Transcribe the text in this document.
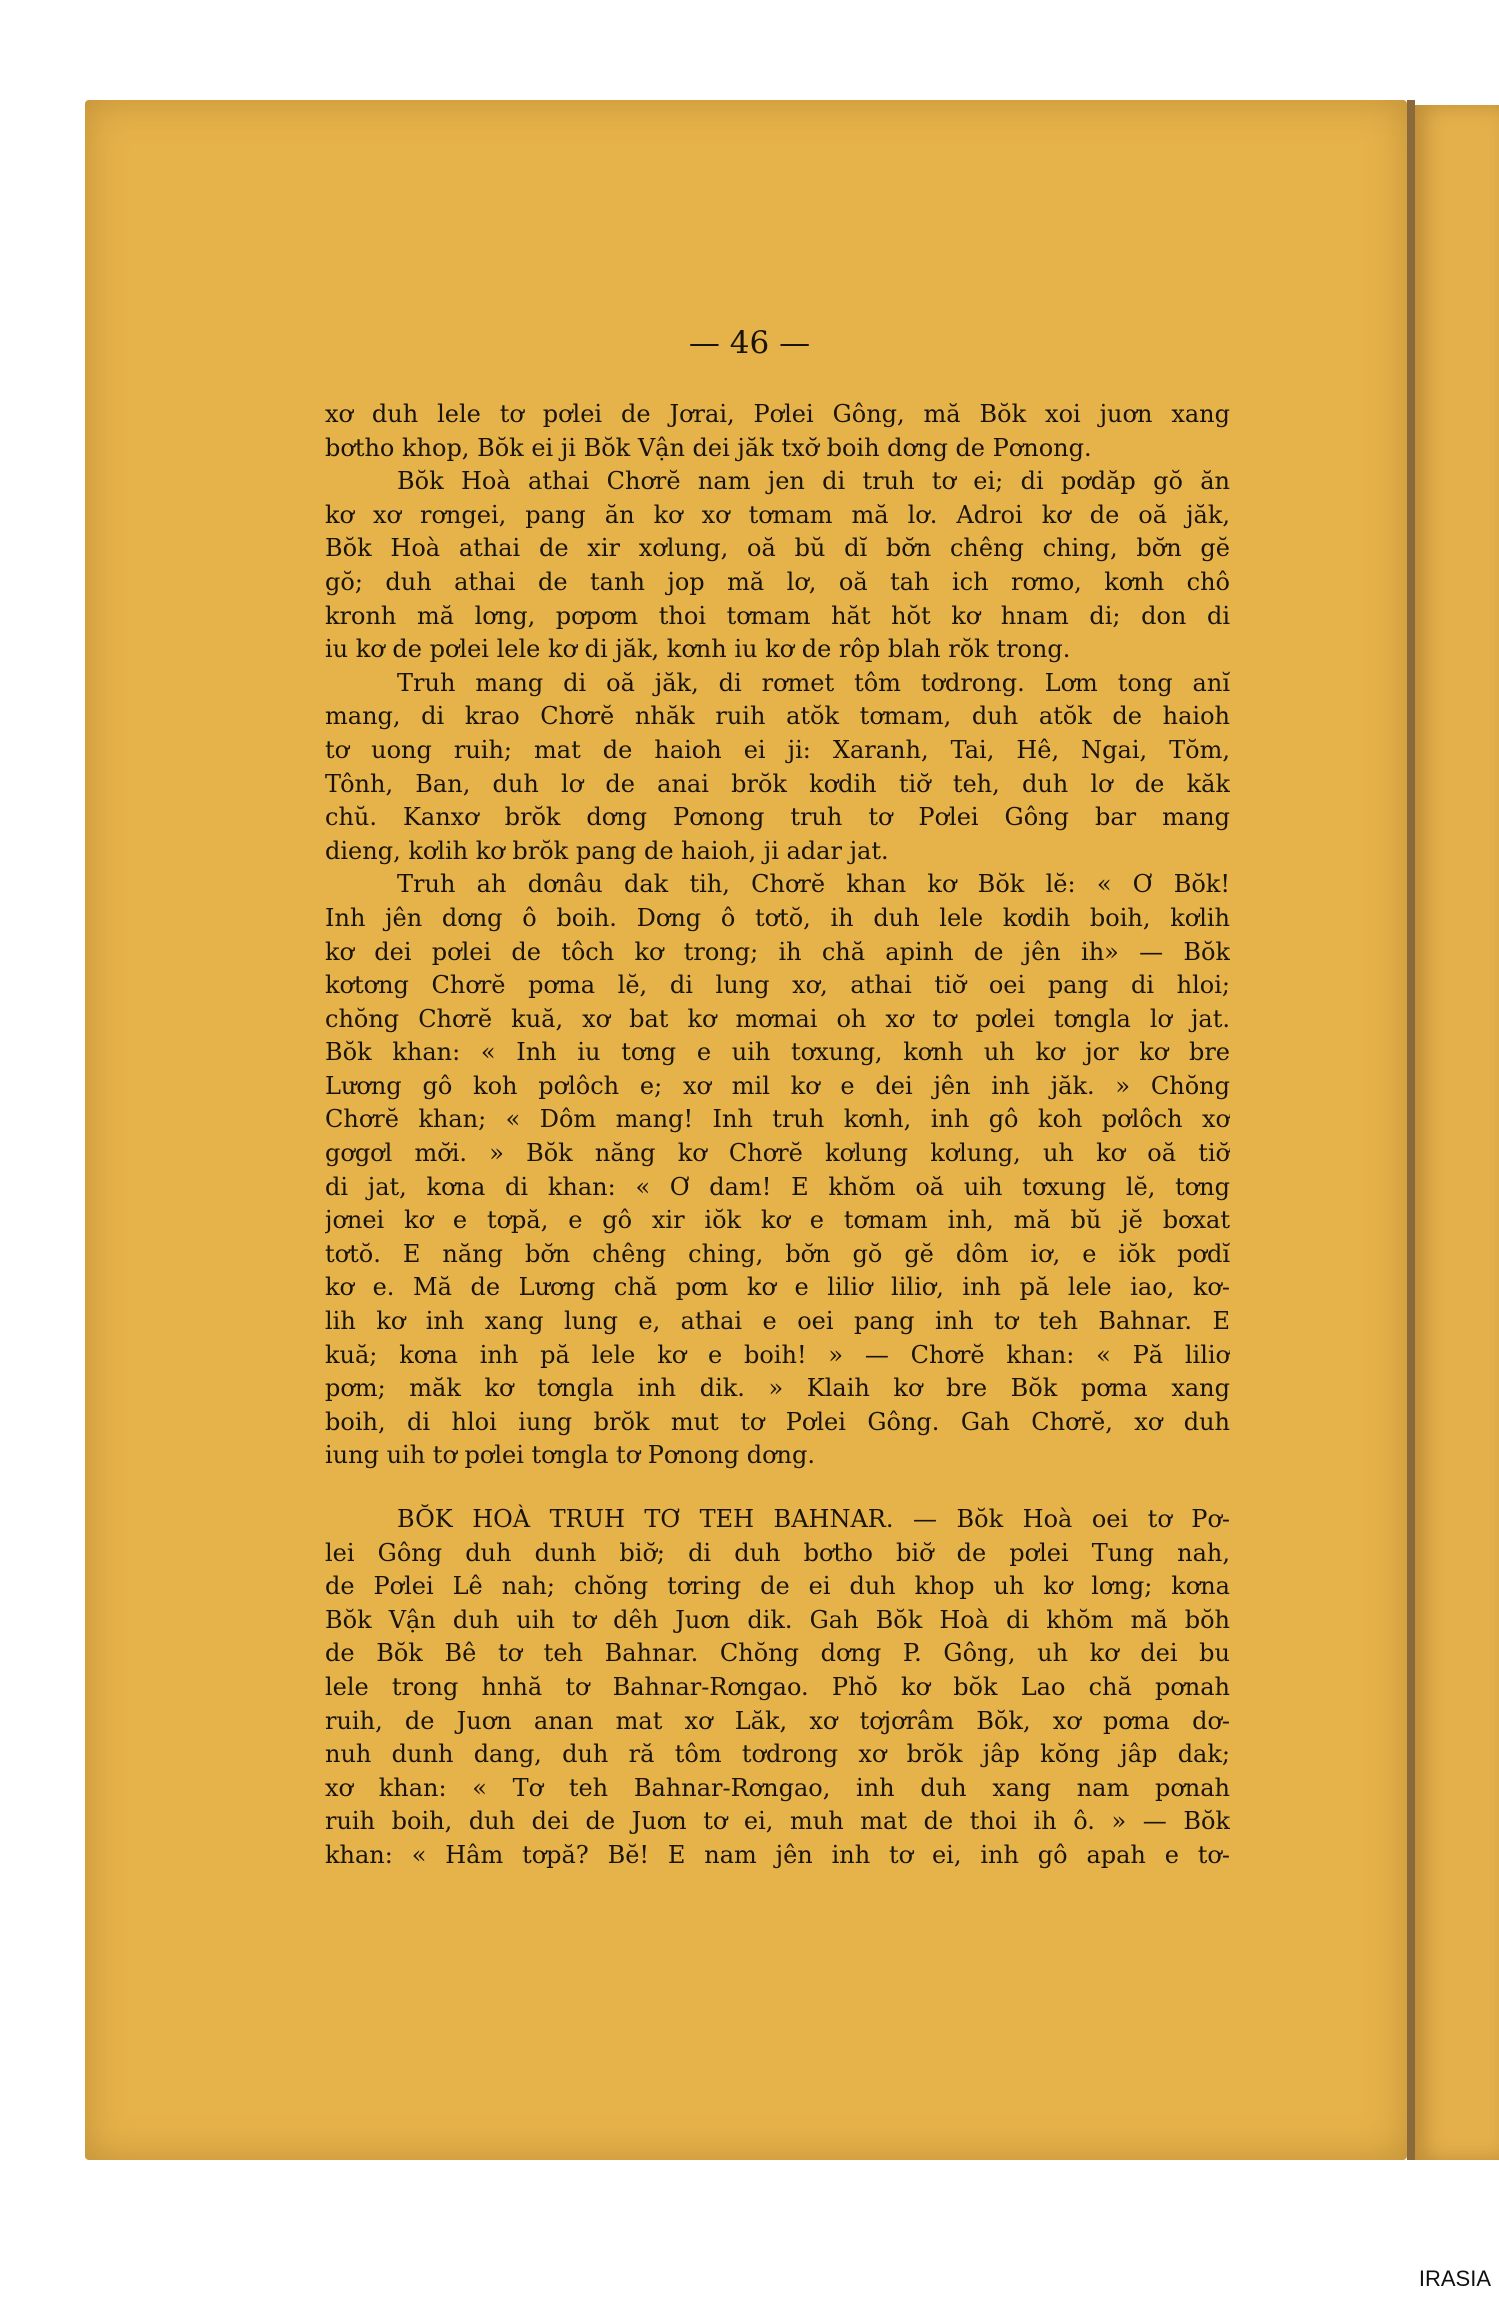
— 46 —
xơ duh lele tơ pơlei de Jơrai, Pơlei Gông, mă Bŏk xoi juơn xang
bơtho khop, Bŏk ei ji Bŏk Vận dei jăk txơ̆ boih dơng de Pơnong.
Bŏk Hoà athai Chơrĕ nam jen di truh tơ ei; di pơdăp gŏ ăn
kơ xơ rơngei, pang ăn kơ xơ tơmam mă lơ. Adroi kơ de oă jăk,
Bŏk Hoà athai de xir xơlung, oă bŭ dĭ bơ̆n chêng ching, bơ̆n gĕ
gŏ; duh athai de tanh jop mă lơ, oă tah ich rơmo, kơnh chô
kronh mă lơng, pơpơm thoi tơmam hăt hŏt kơ hnam di; don di
iu kơ de pơlei lele kơ di jăk, kơnh iu kơ de rôp blah rŏk trong.
Truh mang di oă jăk, di rơmet tôm tơdrong. Lơm tong anĭ
mang, di krao Chơrĕ nhăk ruih atŏk tơmam, duh atŏk de haioh
tơ uong ruih; mat de haioh ei ji: Xaranh, Tai, Hê, Ngai, Tŏm,
Tônh, Ban, duh lơ de anai brŏk kơdih tiơ̆ teh, duh lơ de kăk
chŭ. Kanxơ brŏk dơng Pơnong truh tơ Pơlei Gông bar mang
dieng, kơlih kơ brŏk pang de haioh, ji adar jat.
Truh ah dơnâu dak tih, Chơrĕ khan kơ Bŏk lĕ: « Ơ Bŏk!
Inh jên dơng ô boih. Dơng ô tơtŏ, ih duh lele kơdih boih, kơlih
kơ dei pơlei de tôch kơ trong; ih chă apinh de jên ih» — Bŏk
kơtơng Chơrĕ pơma lĕ, di lung xơ, athai tiơ̆ oei pang di hloi;
chŏng Chơrĕ kuă, xơ bat kơ mơmai oh xơ tơ pơlei tơngla lơ jat.
Bŏk khan: « Inh iu tơng e uih tơxung, kơnh uh kơ jor kơ bre
Lương gô koh pơlôch e; xơ mil kơ e dei jên inh jăk. » Chŏng
Chơrĕ khan; « Dôm mang! Inh truh kơnh, inh gô koh pơlôch xơ
gơgơl mơ̆i. » Bŏk năng kơ Chơrĕ kơlung kơlung, uh kơ oă tiơ̆
di jat, kơna di khan: « Ơ dam! E khŏm oă uih tơxung lĕ, tơng
jơnei kơ e tơpă, e gô xir iŏk kơ e tơmam inh, mă bŭ jĕ bơxat
tơtŏ. E năng bơ̆n chêng ching, bơ̆n gŏ gĕ dôm iơ, e iŏk pơdĭ
kơ e. Mă de Lương chă pơm kơ e liliơ liliơ, inh pă lele iao, kơ-
lih kơ inh xang lung e, athai e oei pang inh tơ teh Bahnar. E
kuă; kơna inh pă lele kơ e boih! » — Chơrĕ khan: « Pă liliơ
pơm; măk kơ tơngla inh dik. » Klaih kơ bre Bŏk pơma xang
boih, di hloi iung brŏk mut tơ Pơlei Gông. Gah Chơrĕ, xơ duh
iung uih tơ pơlei tơngla tơ Pơnong dơng.
BŎK HOÀ TRUH TƠ TEH BAHNAR. — Bŏk Hoà oei tơ Pơ-
lei Gông duh dunh biơ̆; di duh bơtho biơ̆ de pơlei Tung nah,
de Pơlei Lê nah; chŏng tơring de ei duh khop uh kơ lơng; kơna
Bŏk Vận duh uih tơ dêh Juơn dik. Gah Bŏk Hoà di khŏm mă bŏh
de Bŏk Bê tơ teh Bahnar. Chŏng dơng P. Gông, uh kơ dei bu
lele trong hnhă tơ Bahnar-Rơngao. Phŏ kơ bŏk Lao chă pơnah
ruih, de Juơn anan mat xơ Lăk, xơ tơjơrâm Bŏk, xơ pơma dơ-
nuh dunh dang, duh ră tôm tơdrong xơ brŏk jâp kŏng jâp dak;
xơ khan: « Tơ teh Bahnar-Rơngao, inh duh xang nam pơnah
ruih boih, duh dei de Juơn tơ ei, muh mat de thoi ih ô. » — Bŏk
khan: « Hâm tơpă? Bĕ! E nam jên inh tơ ei, inh gô apah e tơ-
IRASIA
